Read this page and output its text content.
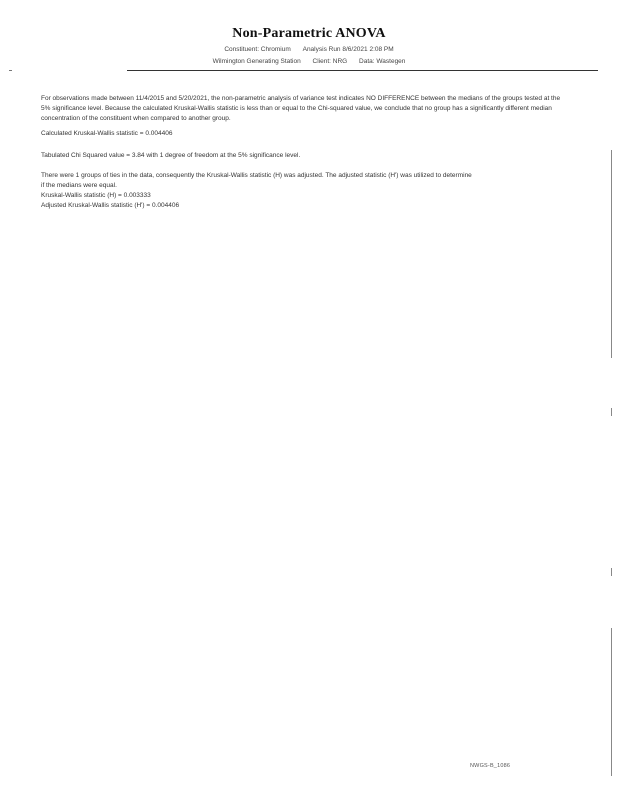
Non-Parametric ANOVA
Constituent: Chromium Analysis Run 8/6/2021 2:08 PM
Wilmington Generating Station Client: NRG Data: Wastegen
For observations made between 11/4/2015 and 5/20/2021, the non-parametric analysis of variance test indicates NO DIFFERENCE between the medians of the groups tested at the 5% significance level. Because the calculated Kruskal-Wallis statistic is less than or equal to the Chi-squared value, we conclude that no group has a significantly different median concentration of the constituent when compared to another group.
Calculated Kruskal-Wallis statistic = 0.004406
Tabulated Chi Squared value = 3.84 with 1 degree of freedom at the 5% significance level.
There were 1 groups of ties in the data, consequently the Kruskal-Wallis statistic (H) was adjusted. The adjusted statistic (H') was utilized to determine
if the medians were equal.
Kruskal-Wallis statistic (H) = 0.003333
Adjusted Kruskal-Wallis statistic (H') = 0.004406
NWGS-B_1086
